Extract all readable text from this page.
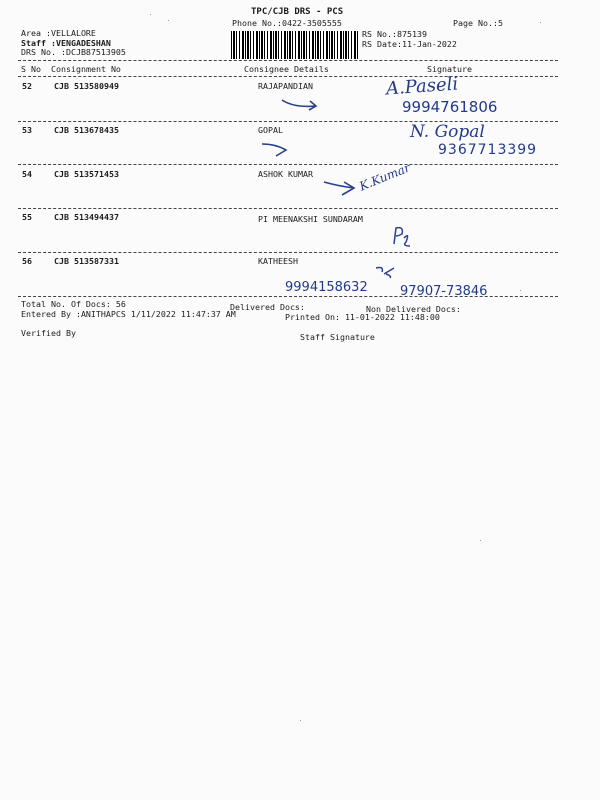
TPC/CJB DRS - PCS
Phone No.:0422-3505555	Page No.:5
Area :VELLALORE
Staff :VENGADESHAN
DRS No. :DCJB87513905
RS No.:875139
RS Date:11-Jan-2022
S No Consignment No	Consignee Details	Signature
52	CJB 513580949	RAJAPANDIAN	A.Paseli
9994761806
53	CJB 513678435	GOPAL	N. Gopal
9367713399
54	CJB 513571453	ASHOK KUMAR	K.Kumar
55	CJB 513494437	PI MEENAKSHI SUNDARAM
56	CJB 513587331	KATHEESH
9994158632 97907-73846
Total No. Of Docs: 56	Delivered Docs:	Non Delivered Docs:
Entered By :ANITHAPCS 1/11/2022 11:47:37 AM	Printed On: 11-01-2022 11:48:00
Verified By	Staff Signature
